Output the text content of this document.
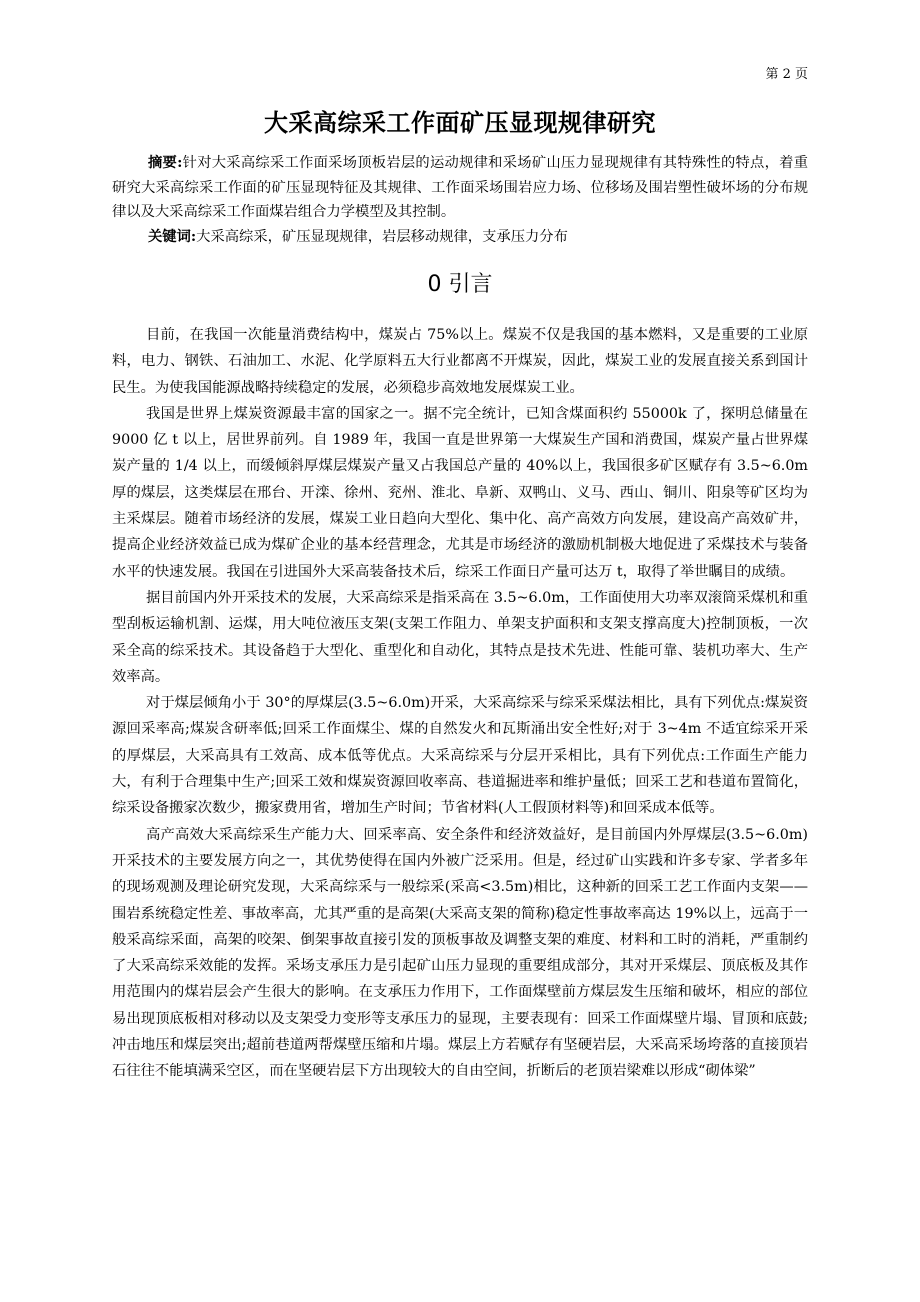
第 2 页
大采高综采工作面矿压显现规律研究

摘要:针对大采高综采工作面采场顶板岩层的运动规律和采场矿山压力显现规律有其特殊性的特点，着重研究大采高综采工作面的矿压显现特征及其规律、工作面采场围岩应力场、位移场及围岩塑性破坏场的分布规律以及大采高综采工作面煤岩组合力学模型及其控制。

关键词:大采高综采，矿压显现规律，岩层移动规律，支承压力分布

0 引言

目前，在我国一次能量消费结构中，煤炭占 75%以上。煤炭不仅是我国的基本燃料，又是重要的工业原料，电力、钢铁、石油加工、水泥、化学原料五大行业都离不开煤炭，因此，煤炭工业的发展直接关系到国计民生。为使我国能源战略持续稳定的发展，必须稳步高效地发展煤炭工业。

我国是世界上煤炭资源最丰富的国家之一。据不完全统计，已知含煤面积约 55000k 了，探明总储量在 9000 亿 t 以上，居世界前列。自 1989 年，我国一直是世界第一大煤炭生产国和消费国，煤炭产量占世界煤炭产量的 1/4 以上，而缓倾斜厚煤层煤炭产量又占我国总产量的 40%以上，我国很多矿区赋存有 3.5~6.0m 厚的煤层，这类煤层在邢台、开滦、徐州、兖州、淮北、阜新、双鸭山、义马、西山、铜川、阳泉等矿区均为主采煤层。随着市场经济的发展，煤炭工业日趋向大型化、集中化、高产高效方向发展，建设高产高效矿井，提高企业经济效益已成为煤矿企业的基本经营理念，尤其是市场经济的激励机制极大地促进了采煤技术与装备水平的快速发展。我国在引进国外大采高装备技术后，综采工作面日产量可达万 t，取得了举世瞩目的成绩。

据目前国内外开采技术的发展，大采高综采是指采高在 3.5~6.0m，工作面使用大功率双滚筒采煤机和重型刮板运输机割、运煤，用大吨位液压支架(支架工作阻力、单架支护面积和支架支撑高度大)控制顶板，一次采全高的综采技术。其设备趋于大型化、重型化和自动化，其特点是技术先进、性能可靠、装机功率大、生产效率高。

对于煤层倾角小于 30°的厚煤层(3.5~6.0m)开采，大采高综采与综采采煤法相比，具有下列优点:煤炭资源回采率高;煤炭含研率低;回采工作面煤尘、煤的自然发火和瓦斯涌出安全性好;对于 3~4m 不适宜综采开采的厚煤层，大采高具有工效高、成本低等优点。大采高综采与分层开采相比，具有下列优点:工作面生产能力大，有利于合理集中生产;回采工效和煤炭资源回收率高、巷道掘进率和维护量低；回采工艺和巷道布置简化，综采设备搬家次数少，搬家费用省，增加生产时间；节省材料(人工假顶材料等)和回采成本低等。

高产高效大采高综采生产能力大、回采率高、安全条件和经济效益好，是目前国内外厚煤层(3.5~6.0m)开采技术的主要发展方向之一，其优势使得在国内外被广泛采用。但是，经过矿山实践和许多专家、学者多年的现场观测及理论研究发现，大采高综采与一般综采(采高<3.5m)相比，这种新的回采工艺工作面内支架——围岩系统稳定性差、事故率高，尤其严重的是高架(大采高支架的简称)稳定性事故率高达 19%以上，远高于一般采高综采面，高架的咬架、倒架事故直接引发的顶板事故及调整支架的难度、材料和工时的消耗，严重制约了大采高综采效能的发挥。采场支承压力是引起矿山压力显现的重要组成部分，其对开采煤层、顶底板及其作用范围内的煤岩层会产生很大的影响。在支承压力作用下，工作面煤壁前方煤层发生压缩和破坏，相应的部位易出现顶底板相对移动以及支架受力变形等支承压力的显现，主要表现有：回采工作面煤壁片塌、冒顶和底鼓;冲击地压和煤层突出;超前巷道两帮煤壁压缩和片塌。煤层上方若赋存有坚硬岩层，大采高采场垮落的直接顶岩石往往不能填满采空区，而在坚硬岩层下方出现较大的自由空间，折断后的老顶岩梁难以形成“砌体梁”
